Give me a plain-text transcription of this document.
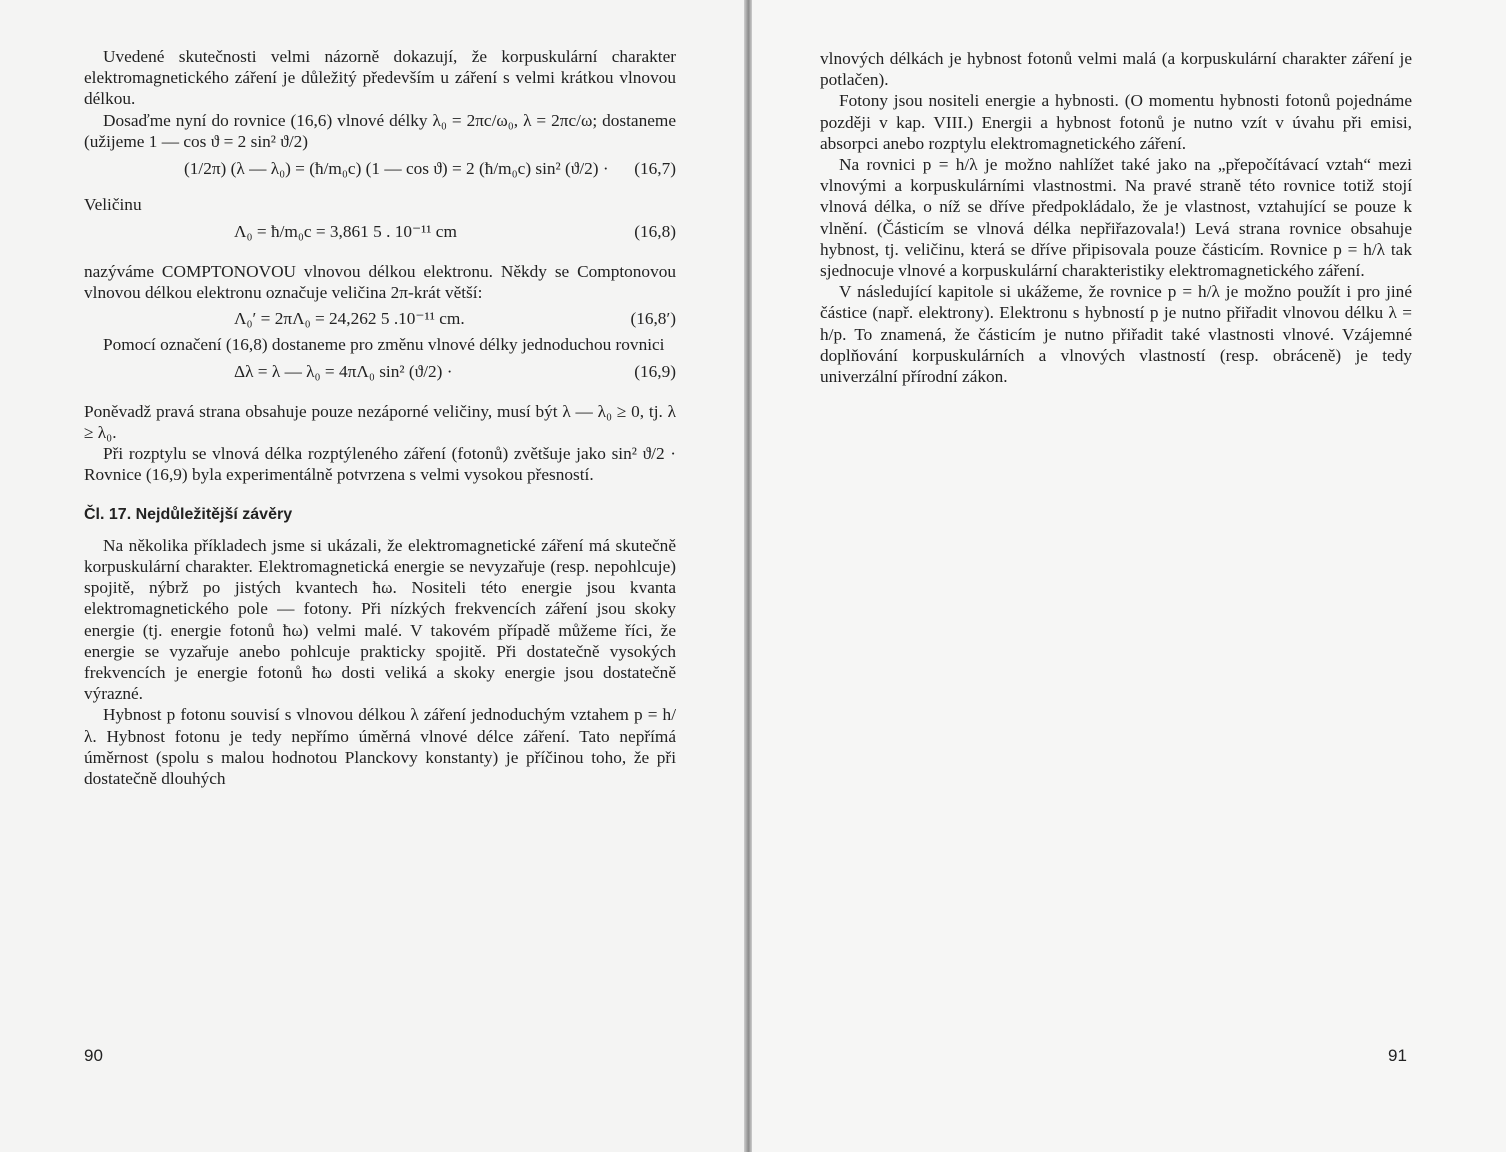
Uvedené skutečnosti velmi názorně dokazují, že korpuskulární charakter elektromagnetického záření je důležitý především u záření s velmi krátkou vlnovou délkou.

Dosaďme nyní do rovnice (16,6) vlnové délky λ₀ = 2πc/ω₀, λ = 2πc/ω; dostaneme (užijeme 1 — cos ϑ = 2 sin² ϑ/2)

(1/2π) (λ — λ₀) = (ħ/m₀c) (1 — cos ϑ) = 2 (ħ/m₀c) sin² (ϑ/2) · (16,7)

Veličinu

Λ₀ = ħ/m₀c = 3,861 5 . 10⁻¹¹ cm	(16,8)

nazýváme COMPTONOVOU vlnovou délkou elektronu. Někdy se Comptonovou vlnovou délkou elektronu označuje veličina 2π-krát větší:

Λ₀′ = 2πΛ₀ = 24,262 5 .10⁻¹¹ cm.	(16,8′)

Pomocí označení (16,8) dostaneme pro změnu vlnové délky jednoduchou rovnici

Δλ = λ — λ₀ = 4πΛ₀ sin² (ϑ/2) ·	(16,9)

Poněvadž pravá strana obsahuje pouze nezáporné veličiny, musí být λ — λ₀ ≥ 0, tj. λ ≥ λ₀.

Při rozptylu se vlnová délka rozptýleného záření (fotonů) zvětšuje jako sin² ϑ/2 · Rovnice (16,9) byla experimentálně potvrzena s velmi vysokou přesností.

Čl. 17. Nejdůležitější závěry

Na několika příkladech jsme si ukázali, že elektromagnetické záření má skutečně korpuskulární charakter. Elektromagnetická energie se nevyzařuje (resp. nepohlcuje) spojitě, nýbrž po jistých kvantech ħω. Nositeli této energie jsou kvanta elektromagnetického pole — fotony. Při nízkých frekvencích záření jsou skoky energie (tj. energie fotonů ħω) velmi malé. V takovém případě můžeme říci, že energie se vyzařuje anebo pohlcuje prakticky spojitě. Při dostatečně vysokých frekvencích je energie fotonů ħω dosti veliká a skoky energie jsou dostatečně výrazné.

Hybnost p fotonu souvisí s vlnovou délkou λ záření jednoduchým vztahem p = h/λ. Hybnost fotonu je tedy nepřímo úměrná vlnové délce záření. Tato nepřímá úměrnost (spolu s malou hodnotou Planckovy konstanty) je příčinou toho, že při dostatečně dlouhých

90	91

vlnových délkách je hybnost fotonů velmi malá (a korpuskulární charakter záření je potlačen).

Fotony jsou nositeli energie a hybnosti. (O momentu hybnosti fotonů pojednáme později v kap. VIII.) Energii a hybnost fotonů je nutno vzít v úvahu při emisi, absorpci anebo rozptylu elektromagnetického záření.

Na rovnici p = h/λ je možno nahlížet také jako na „přepočítávací vztah“ mezi vlnovými a korpuskulárními vlastnostmi. Na pravé straně této rovnice totiž stojí vlnová délka, o níž se dříve předpokládalo, že je vlastnost, vztahující se pouze k vlnění. (Částicím se vlnová délka nepřiřazovala!) Levá strana rovnice obsahuje hybnost, tj. veličinu, která se dříve připisovala pouze částicím. Rovnice p = h/λ tak sjednocuje vlnové a korpuskulární charakteristiky elektromagnetického záření.

V následující kapitole si ukážeme, že rovnice p = h/λ je možno použít i pro jiné částice (např. elektrony). Elektronu s hybností p je nutno přiřadit vlnovou délku λ = h/p. To znamená, že částicím je nutno přiřadit také vlastnosti vlnové. Vzájemné doplňování korpuskulárních a vlnových vlastností (resp. obráceně) je tedy univerzální přírodní zákon.
